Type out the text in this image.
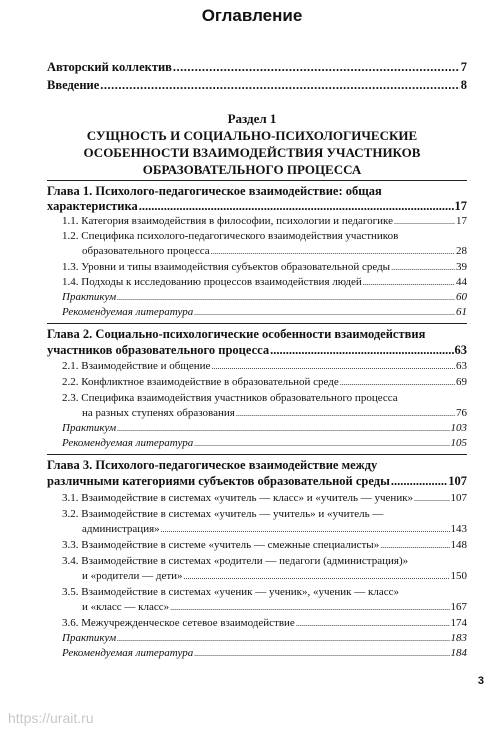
Оглавление
Авторский коллектив .....	7
Введение .....	8
Раздел 1
СУЩНОСТЬ И СОЦИАЛЬНО-ПСИХОЛОГИЧЕСКИЕ ОСОБЕННОСТИ ВЗАИМОДЕЙСТВИЯ УЧАСТНИКОВ ОБРАЗОВАТЕЛЬНОГО ПРОЦЕССА
Глава 1. Психолого-педагогическое взаимодействие: общая
характеристика .....	17
1.1. Категория взаимодействия в философии, психологии и педагогике .....	17
1.2. Специфика психолого-педагогического взаимодействия участников
образовательного процесса .....	28
1.3. Уровни и типы взаимодействия субъектов образовательной среды .....	39
1.4. Подходы к исследованию процессов взаимодействия людей .....	44
Практикум .....	60
Рекомендуемая литература .....	61
Глава 2. Социально-психологические особенности взаимодействия
участников образовательного процесса .....	63
2.1. Взаимодействие и общение .....	63
2.2. Конфликтное взаимодействие в образовательной среде .....	69
2.3. Специфика взаимодействия участников образовательного процесса
на разных ступенях образования .....	76
Практикум .....	103
Рекомендуемая литература .....	105
Глава 3. Психолого-педагогическое взаимодействие между
различными категориями субъектов образовательной среды .....	107
3.1. Взаимодействие в системах «учитель — класс» и «учитель — ученик» .....	107
3.2. Взаимодействие в системах «учитель — учитель» и «учитель —
администрация» .....	143
3.3. Взаимодействие в системе «учитель — смежные специалисты» .....	148
3.4. Взаимодействие в системах «родители — педагоги (администрация)»
и «родители — дети» .....	150
3.5. Взаимодействие в системах «ученик — ученик», «ученик — класс»
и «класс — класс» .....	167
3.6. Межучрежденческое сетевое взаимодействие .....	174
Практикум .....	183
Рекомендуемая литература .....	184
3
https://urait.ru
